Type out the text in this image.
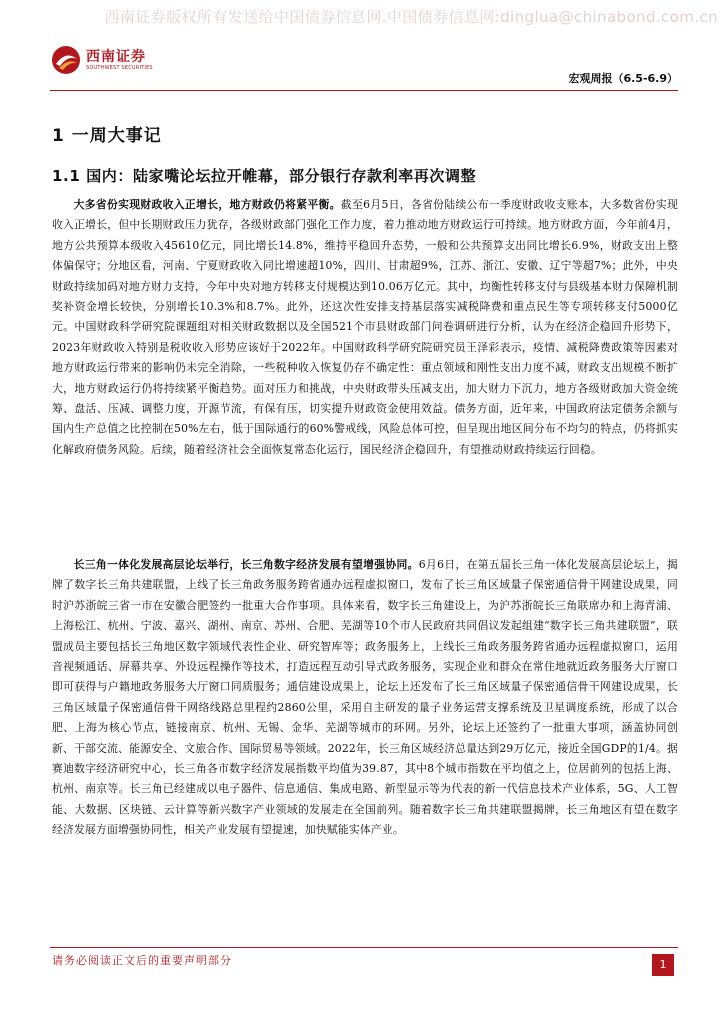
西南证券版权所有发送给中国债券信息网.中国债券信息网:dinglua@chinabond.com.cn
西南证券
SOUTHWEST SECURITIES
宏观周报（6.5-6.9）
1 一周大事记
1.1 国内：陆家嘴论坛拉开帷幕，部分银行存款利率再次调整

大多省份实现财政收入正增长，地方财政仍将紧平衡。截至6月5日，各省份陆续公布一季度财政收支账本，大多数省份实现收入正增长，但中长期财政压力犹存，各级财政部门强化工作力度，着力推动地方财政运行可持续。地方财政方面，今年前4月，地方公共预算本级收入45610亿元，同比增长14.8%，维持平稳回升态势，一般和公共预算支出同比增长6.9%，财政支出上整体偏保守；分地区看，河南、宁夏财政收入同比增速超10%，四川、甘肃超9%，江苏、浙江、安徽、辽宁等超7%；此外，中央财政持续加码对地方财力支持，今年中央对地方转移支付规模达到10.06万亿元。其中，均衡性转移支付与县级基本财力保障机制奖补资金增长较快，分别增长10.3%和8.7%。此外，还这次性安排支持基层落实减税降费和重点民生等专项转移支付5000亿元。中国财政科学研究院课题组对相关财政数据以及全国521个市县财政部门问卷调研进行分析，认为在经济企稳回升形势下，2023年财政收入特别是税收收入形势应该好于2022年。中国财政科学研究院研究员王泽彩表示，疫情、减税降费政策等因素对地方财政运行带来的影响仍未完全消除，一些税种收入恢复仍存不确定性：重点领域和刚性支出力度不减，财政支出规模不断扩大，地方财政运行仍将持续紧平衡趋势。面对压力和挑战，中央财政带头压减支出，加大财力下沉力，地方各级财政加大资金统筹、盘活、压减、调整力度，开源节流，有保有压，切实提升财政资金使用效益。债务方面，近年来，中国政府法定债务余额与国内生产总值之比控制在50%左右，低于国际通行的60%警戒线，风险总体可控，但呈现出地区间分布不均匀的特点，仍将抓实化解政府债务风险。后续，随着经济社会全面恢复常态化运行，国民经济企稳回升，有望推动财政持续运行回稳。

长三角一体化发展高层论坛举行，长三角数字经济发展有望增强协同。6月6日，在第五届长三角一体化发展高层论坛上，揭牌了数字长三角共建联盟，上线了长三角政务服务跨省通办远程虚拟窗口，发布了长三角区域量子保密通信骨干网建设成果，同时沪苏浙皖三省一市在安徽合肥签约一批重大合作事项。具体来看，数字长三角建设上，为沪苏浙皖长三角联席办和上海青浦、上海松江、杭州、宁波、嘉兴、湖州、南京、苏州、合肥、芜湖等10个市人民政府共同倡议发起组建“数字长三角共建联盟”，联盟成员主要包括长三角地区数字领域代表性企业、研究智库等；政务服务上，上线长三角政务服务跨省通办远程虚拟窗口，运用音视频通话、屏幕共享、外设远程操作等技术，打造远程互动引导式政务服务，实现企业和群众在常住地就近政务服务大厅窗口即可获得与户籍地政务服务大厅窗口同质服务；通信建设成果上，论坛上还发布了长三角区域量子保密通信骨干网建设成果，长三角区域量子保密通信骨干网络线路总里程约2860公里，采用自主研发的量子业务运营支撑系统及卫星调度系统，形成了以合肥、上海为核心节点，链接南京、杭州、无锡、金华、芜湖等城市的环网。另外，论坛上还签约了一批重大事项，涵盖协同创新、干部交流、能源安全、文旅合作、国际贸易等领域。2022年，长三角区域经济总量达到29万亿元，接近全国GDP的1/4。据赛迪数字经济研究中心，长三角各市数字经济发展指数平均值为39.87，其中8个城市指数在平均值之上，位居前列的包括上海、杭州、南京等。长三角已经建成以电子器件、信息通信、集成电路、新型显示等为代表的新一代信息技术产业体系，5G、人工智能、大数据、区块链、云计算等新兴数字产业领域的发展走在全国前列。随着数字长三角共建联盟揭牌，长三角地区有望在数字经济发展方面增强协同性，相关产业发展有望提速，加快赋能实体产业。

请务必阅读正文后的重要声明部分	1
